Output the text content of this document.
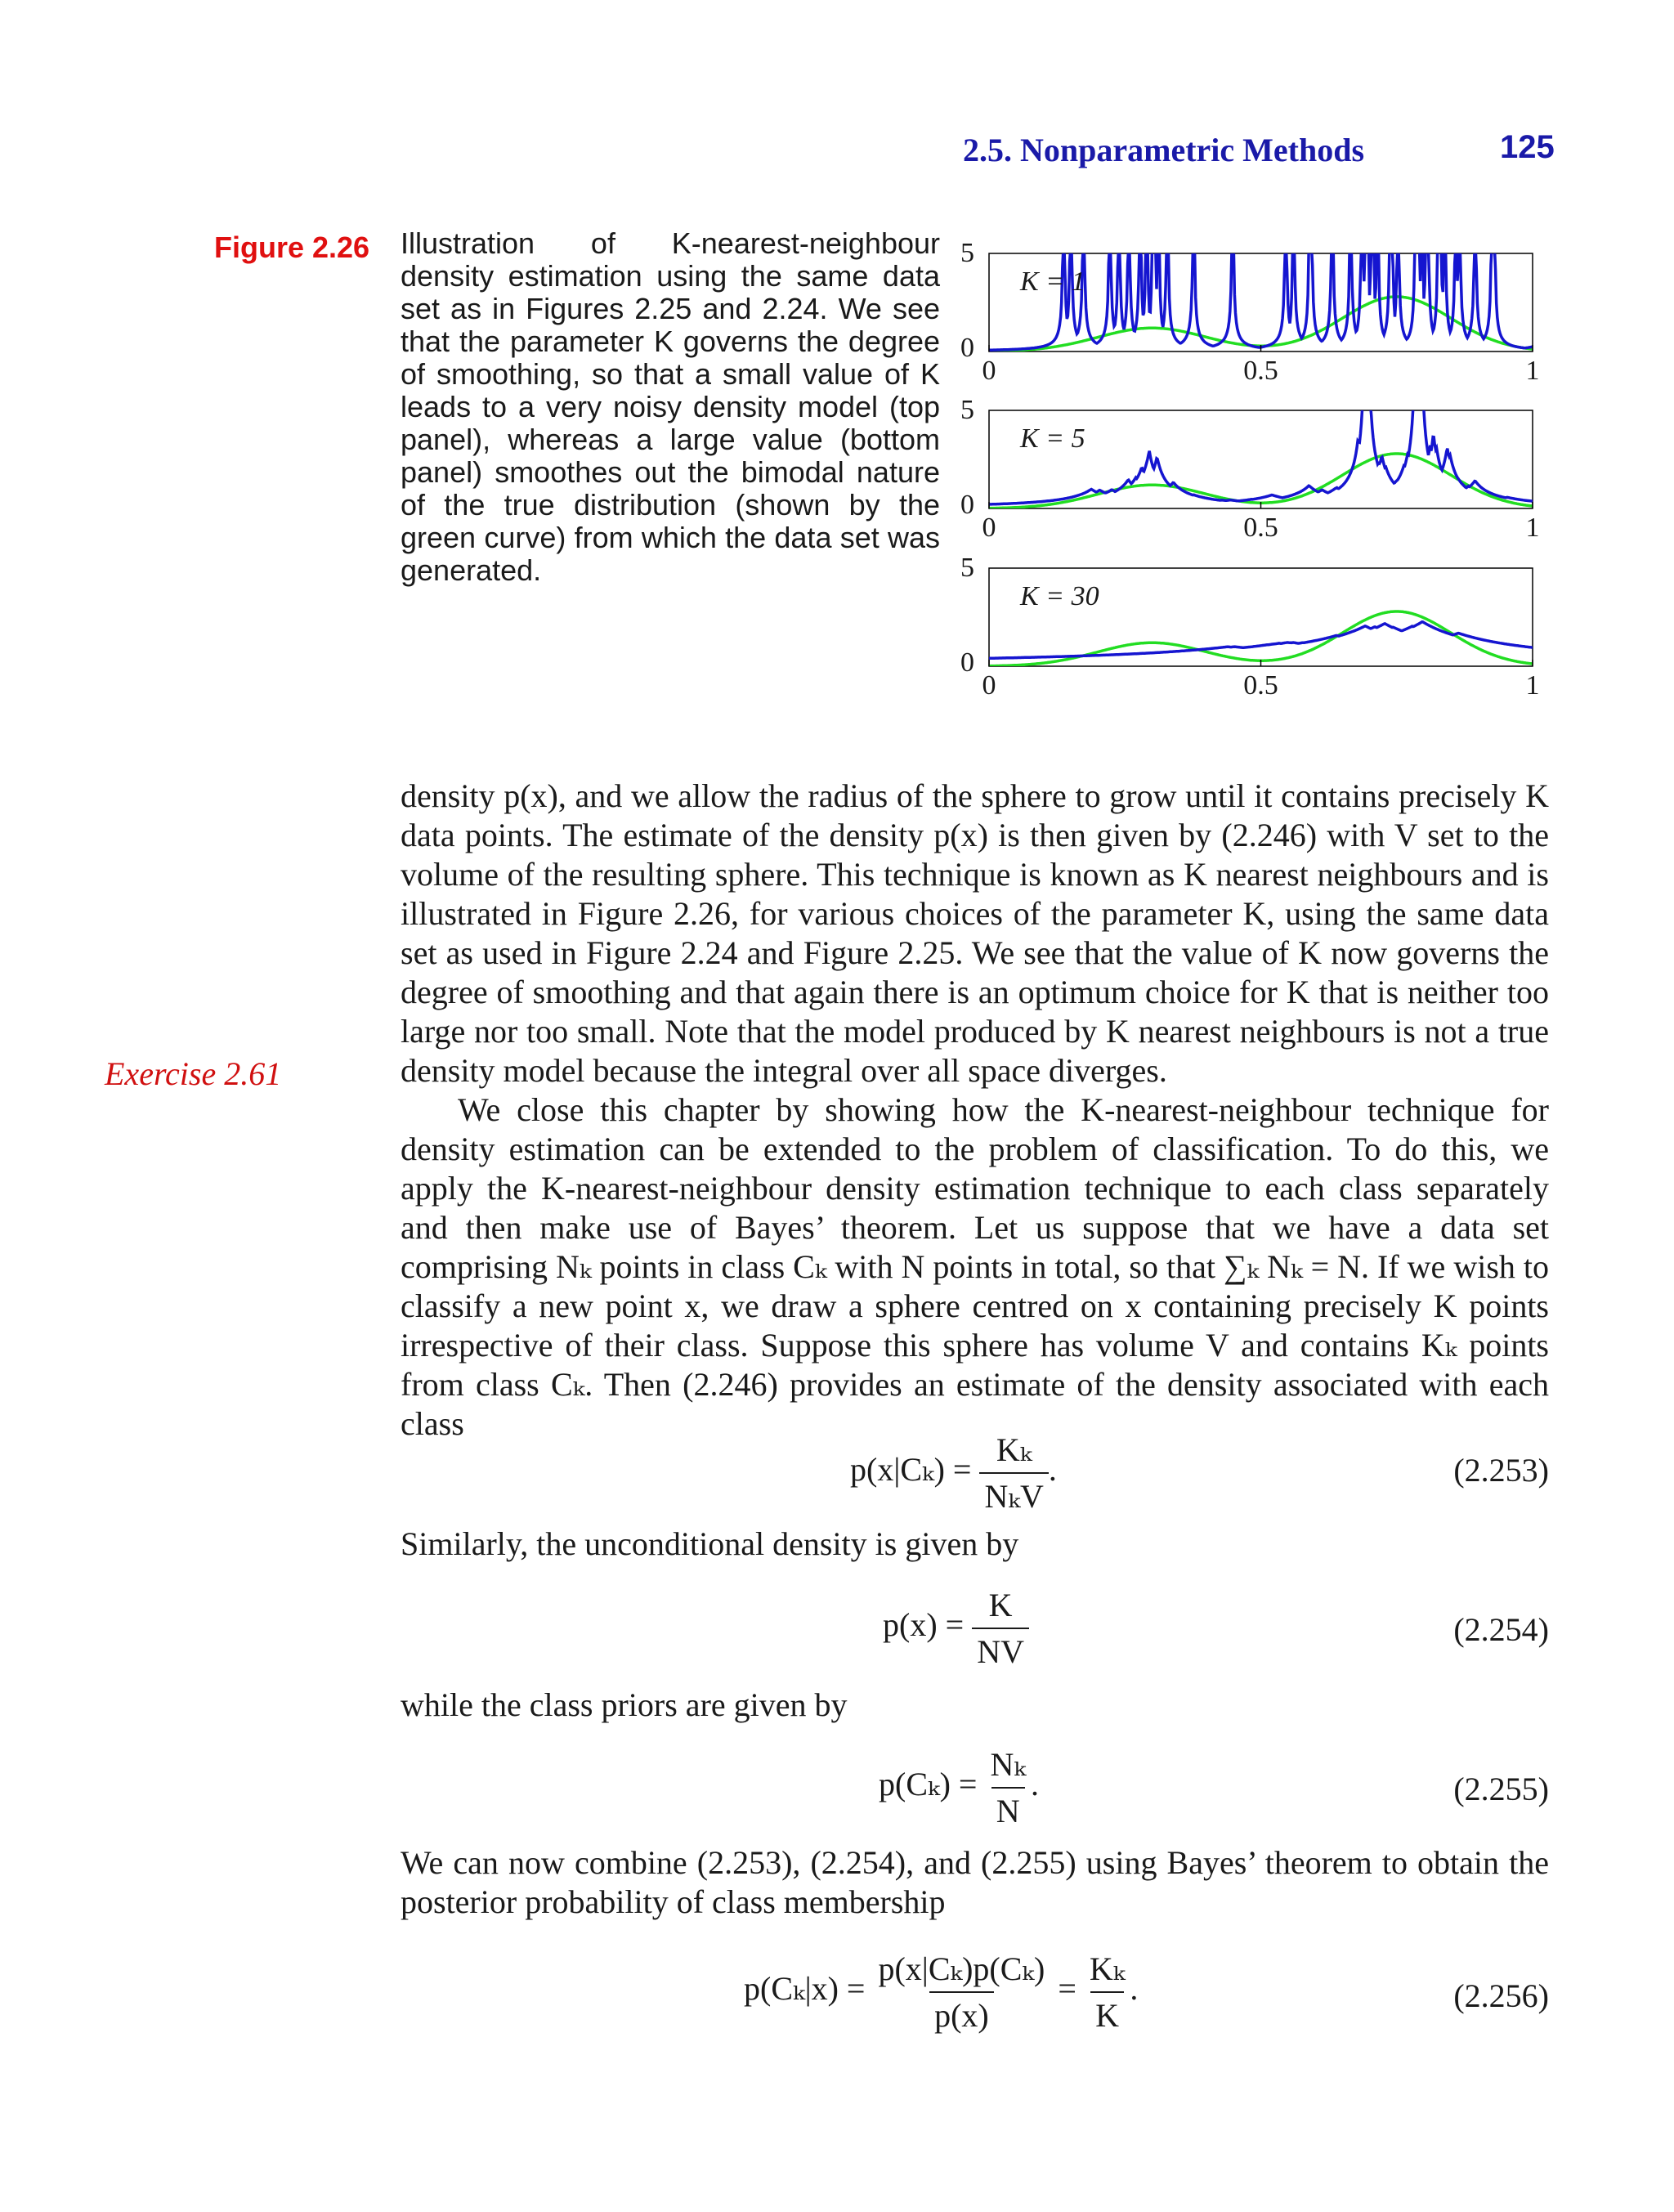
2.5. Nonparametric Methods	125
Figure 2.26 Illustration of K-nearest-neighbour density estimation using the same data set as in Figures 2.25 and 2.24. We see that the parameter K governs the degree of smoothing, so that a small value of K leads to a very noisy density model (top panel), whereas a large value (bottom panel) smoothes out the bimodal nature of the true distribution (shown by the green curve) from which the data set was generated.
K = 1
0
5
0	0.5	1
K = 5
0
5
0	0.5	1
K = 30
0
5
0	0.5	1
Exercise 2.61

density p(x), and we allow the radius of the sphere to grow until it contains precisely K data points. The estimate of the density p(x) is then given by (2.246) with V set to the volume of the resulting sphere. This technique is known as K nearest neighbours and is illustrated in Figure 2.26, for various choices of the parameter K, using the same data set as used in Figure 2.24 and Figure 2.25. We see that the value of K now governs the degree of smoothing and that again there is an optimum choice for K that is neither too large nor too small. Note that the model produced by K nearest neighbours is not a true density model because the integral over all space diverges.

We close this chapter by showing how the K-nearest-neighbour technique for density estimation can be extended to the problem of classification. To do this, we apply the K-nearest-neighbour density estimation technique to each class separately and then make use of Bayes’ theorem. Let us suppose that we have a data set comprising Nₖ points in class Cₖ with N points in total, so that ∑ₖ Nₖ = N. If we wish to classify a new point x, we draw a sphere centred on x containing precisely K points irrespective of their class. Suppose this sphere has volume V and contains Kₖ points from class Cₖ. Then (2.246) provides an estimate of the density associated with each class

$p(x|C_k) = \frac{\text{Kₖ}}{\text{NₖV}}$ .	(2.253)

Similarly, the unconditional density is given by

$p(x) = \frac{K}{NV}$	(2.254)

while the class priors are given by

$p(C_k) = \frac{\text{Nₖ}}{N}$ .	(2.255)

We can now combine (2.253), (2.254), and (2.255) using Bayes’ theorem to obtain the posterior probability of class membership

$p(C_k|x) = \frac{\text{p(x|Cₖ)p(Cₖ)}}{p(x)} = \frac{\text{Kₖ}}{K}$ .	(2.256)
